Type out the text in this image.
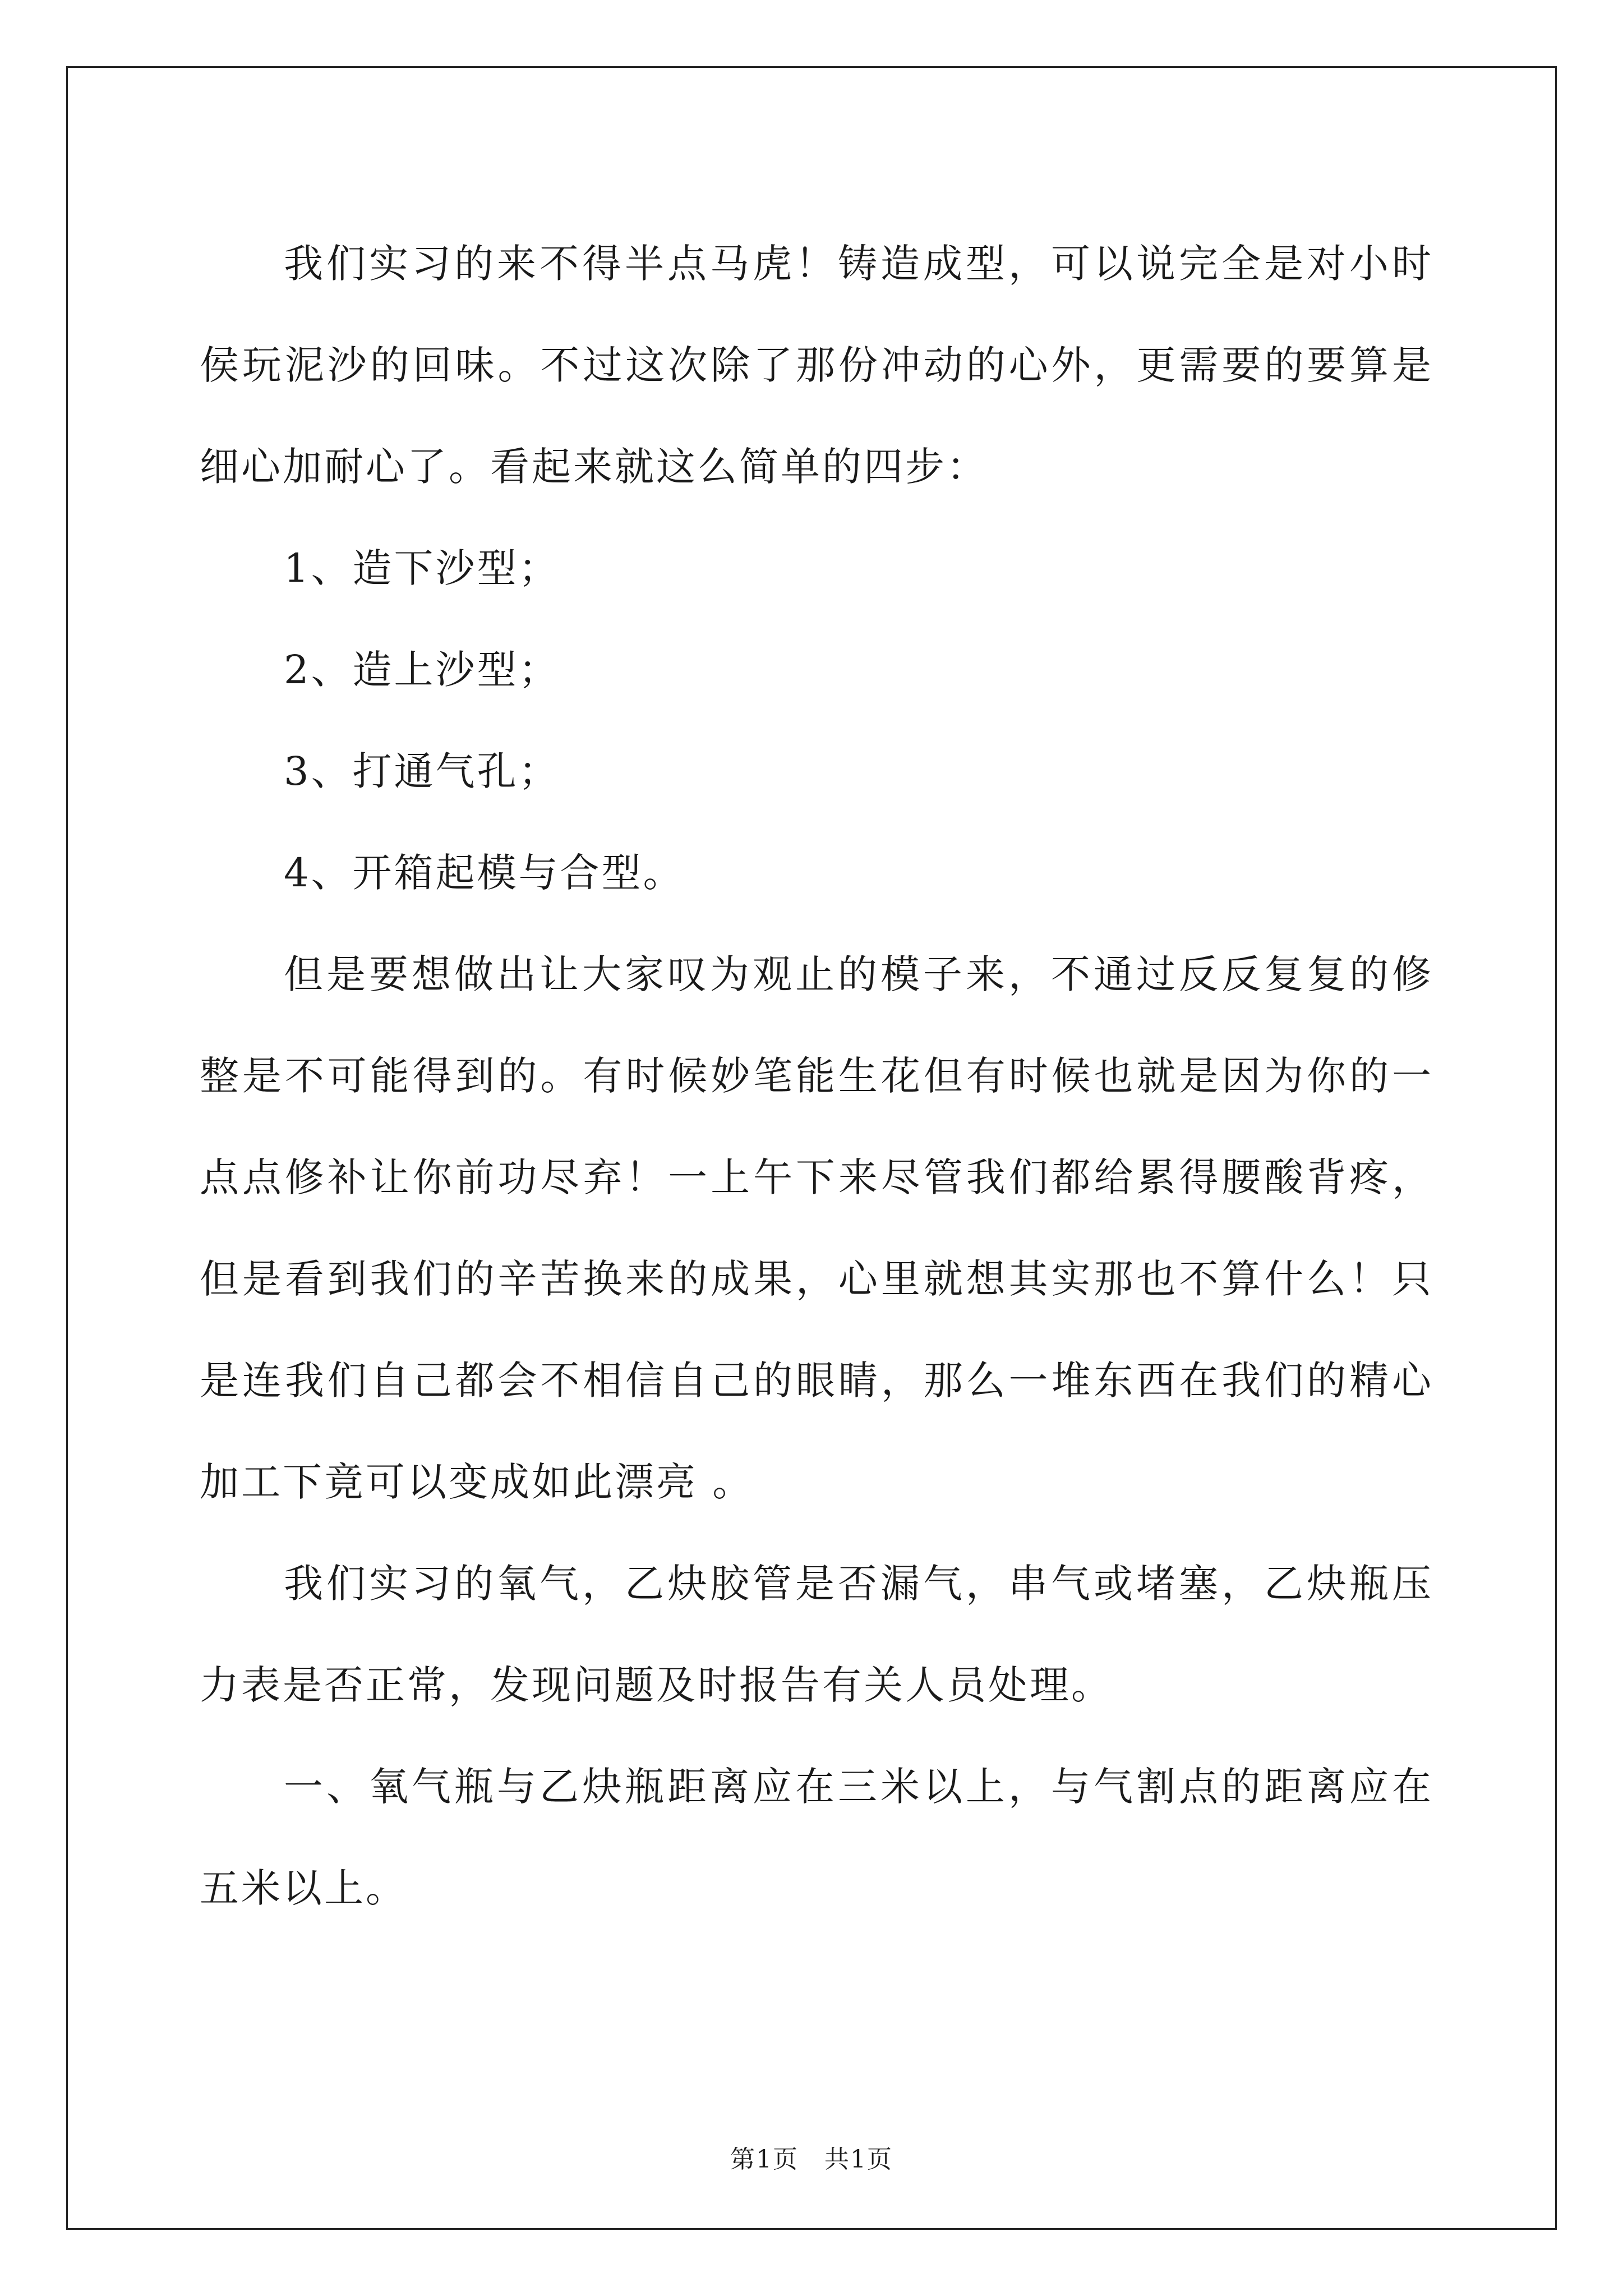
我们实习的来不得半点马虎！铸造成型，可以说完全是对小时侯玩泥沙的回味。不过这次除了那份冲动的心外，更需要的要算是细心加耐心了。看起来就这么简单的四步：

1、造下沙型；

2、造上沙型；

3、打通气孔；

4、开箱起模与合型。

但是要想做出让大家叹为观止的模子来，不通过反反复复的修整是不可能得到的。有时候妙笔能生花但有时候也就是因为你的一点点修补让你前功尽弃！一上午下来尽管我们都给累得腰酸背疼，但是看到我们的辛苦换来的成果，心里就想其实那也不算什么！只是连我们自己都会不相信自己的眼睛，那么一堆东西在我们的精心加工下竟可以变成如此漂亮 。

我们实习的氧气，乙炔胶管是否漏气，串气或堵塞，乙炔瓶压力表是否正常，发现问题及时报告有关人员处理。

一、氧气瓶与乙炔瓶距离应在三米以上，与气割点的距离应在五米以上。

第1页　共1页
